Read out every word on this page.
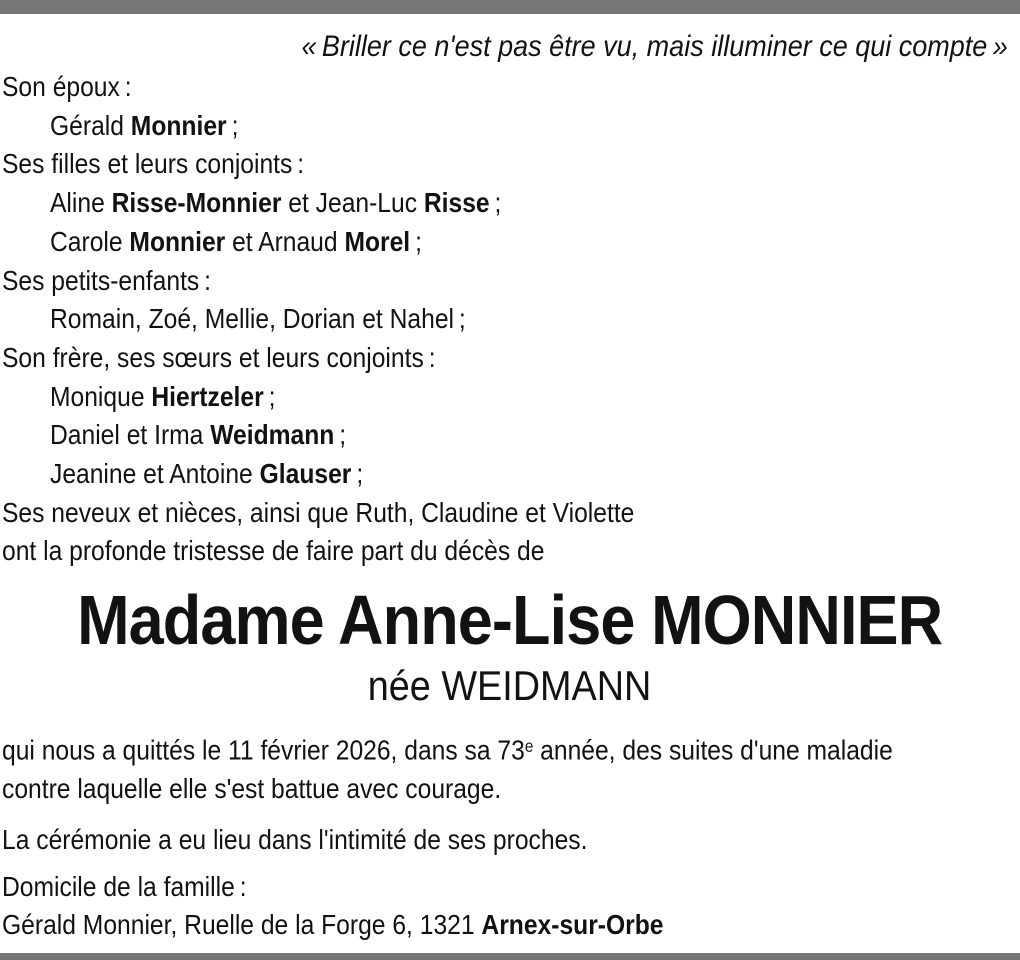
« Briller ce n'est pas être vu, mais illuminer ce qui compte »
Son époux :
Gérald Monnier ;
Ses filles et leurs conjoints :
Aline Risse-Monnier et Jean-Luc Risse ;
Carole Monnier et Arnaud Morel ;
Ses petits-enfants :
Romain, Zoé, Mellie, Dorian et Nahel ;
Son frère, ses sœurs et leurs conjoints :
Monique Hiertzeler ;
Daniel et Irma Weidmann ;
Jeanine et Antoine Glauser ;
Ses neveux et nièces, ainsi que Ruth, Claudine et Violette
ont la profonde tristesse de faire part du décès de
Madame Anne-Lise MONNIER
née WEIDMANN
qui nous a quittés le 11 février 2026, dans sa 73e année, des suites d'une maladie
contre laquelle elle s'est battue avec courage.
La cérémonie a eu lieu dans l'intimité de ses proches.
Domicile de la famille :
Gérald Monnier, Ruelle de la Forge 6, 1321 Arnex-sur-Orbe
